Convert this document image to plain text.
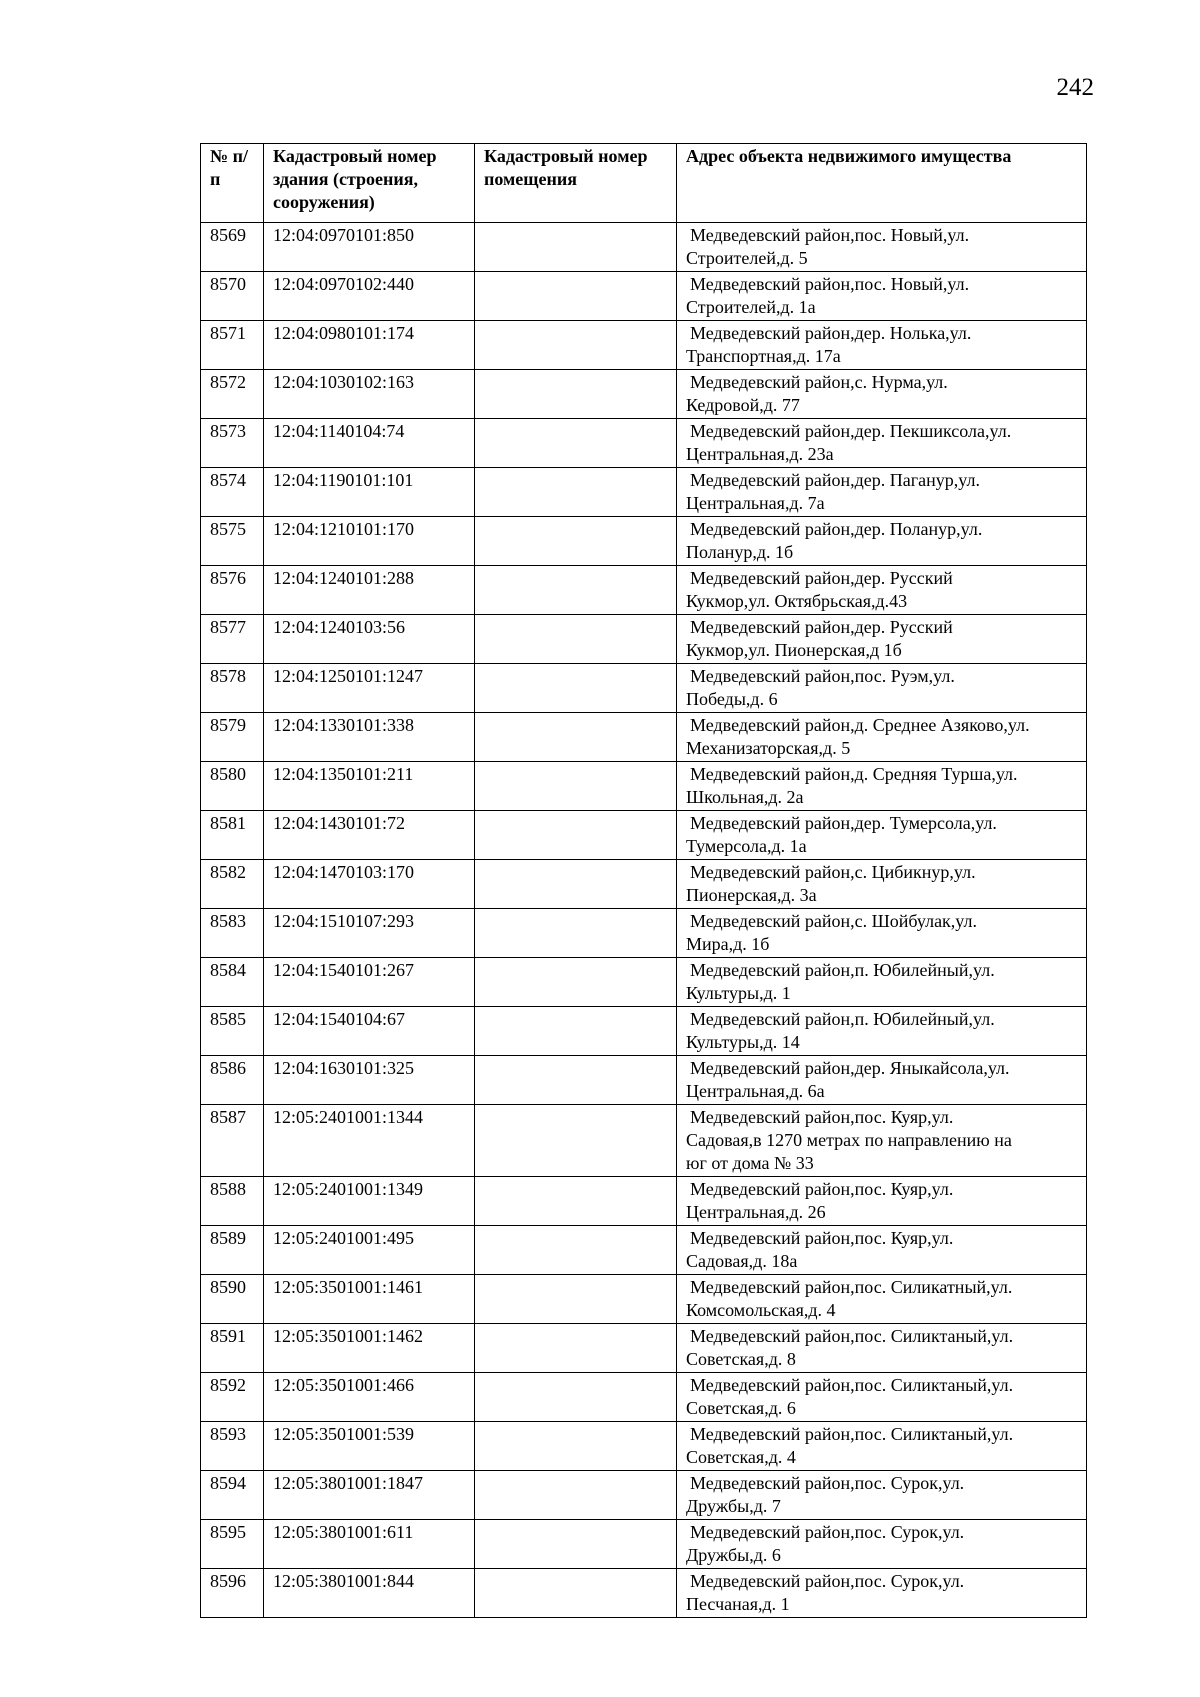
242
№ п/п	Кадастровый номер здания (строения, сооружения)	Кадастровый номер помещения	Адрес объекта недвижимого имущества
8569	12:04:0970101:850		Медведевский район,пос. Новый,ул.
Строителей,д. 5

8570	12:04:0970102:440		Медведевский район,пос. Новый,ул.
Строителей,д. 1а

8571	12:04:0980101:174		Медведевский район,дер. Нолька,ул.
Транспортная,д. 17а

8572	12:04:1030102:163		Медведевский район,с. Нурма,ул.
Кедровой,д. 77

8573	12:04:1140104:74		Медведевский район,дер. Пекшиксола,ул.
Центральная,д. 23а

8574	12:04:1190101:101		Медведевский район,дер. Паганур,ул.
Центральная,д. 7а

8575	12:04:1210101:170		Медведевский район,дер. Поланур,ул.
Поланур,д. 1б

8576	12:04:1240101:288		Медведевский район,дер. Русский
Кукмор,ул. Октябрьская,д.43

8577	12:04:1240103:56		Медведевский район,дер. Русский
Кукмор,ул. Пионерская,д 1б

8578	12:04:1250101:1247		Медведевский район,пос. Руэм,ул.
Победы,д. 6

8579	12:04:1330101:338		Медведевский район,д. Среднее Азяково,ул.
Механизаторская,д. 5

8580	12:04:1350101:211		Медведевский район,д. Средняя Турша,ул.
Школьная,д. 2а

8581	12:04:1430101:72		Медведевский район,дер. Тумерсола,ул.
Тумерсола,д. 1а

8582	12:04:1470103:170		Медведевский район,с. Цибикнур,ул.
Пионерская,д. 3а

8583	12:04:1510107:293		Медведевский район,с. Шойбулак,ул.
Мира,д. 1б

8584	12:04:1540101:267		Медведевский район,п. Юбилейный,ул.
Культуры,д. 1

8585	12:04:1540104:67		Медведевский район,п. Юбилейный,ул.
Культуры,д. 14

8586	12:04:1630101:325		Медведевский район,дер. Яныкайсола,ул.
Центральная,д. 6а

8587	12:05:2401001:1344		Медведевский район,пос. Куяр,ул.
Садовая,в 1270 метрах по направлению на
юг от дома № 33

8588	12:05:2401001:1349		Медведевский район,пос. Куяр,ул.
Центральная,д. 26

8589	12:05:2401001:495		Медведевский район,пос. Куяр,ул.
Садовая,д. 18а

8590	12:05:3501001:1461		Медведевский район,пос. Силикатный,ул.
Комсомольская,д. 4

8591	12:05:3501001:1462		Медведевский район,пос. Силиктаный,ул.
Советская,д. 8

8592	12:05:3501001:466		Медведевский район,пос. Силиктаный,ул.
Советская,д. 6

8593	12:05:3501001:539		Медведевский район,пос. Силиктаный,ул.
Советская,д. 4

8594	12:05:3801001:1847		Медведевский район,пос. Сурок,ул.
Дружбы,д. 7

8595	12:05:3801001:611		Медведевский район,пос. Сурок,ул.
Дружбы,д. 6

8596	12:05:3801001:844		Медведевский район,пос. Сурок,ул.
Песчаная,д. 1
